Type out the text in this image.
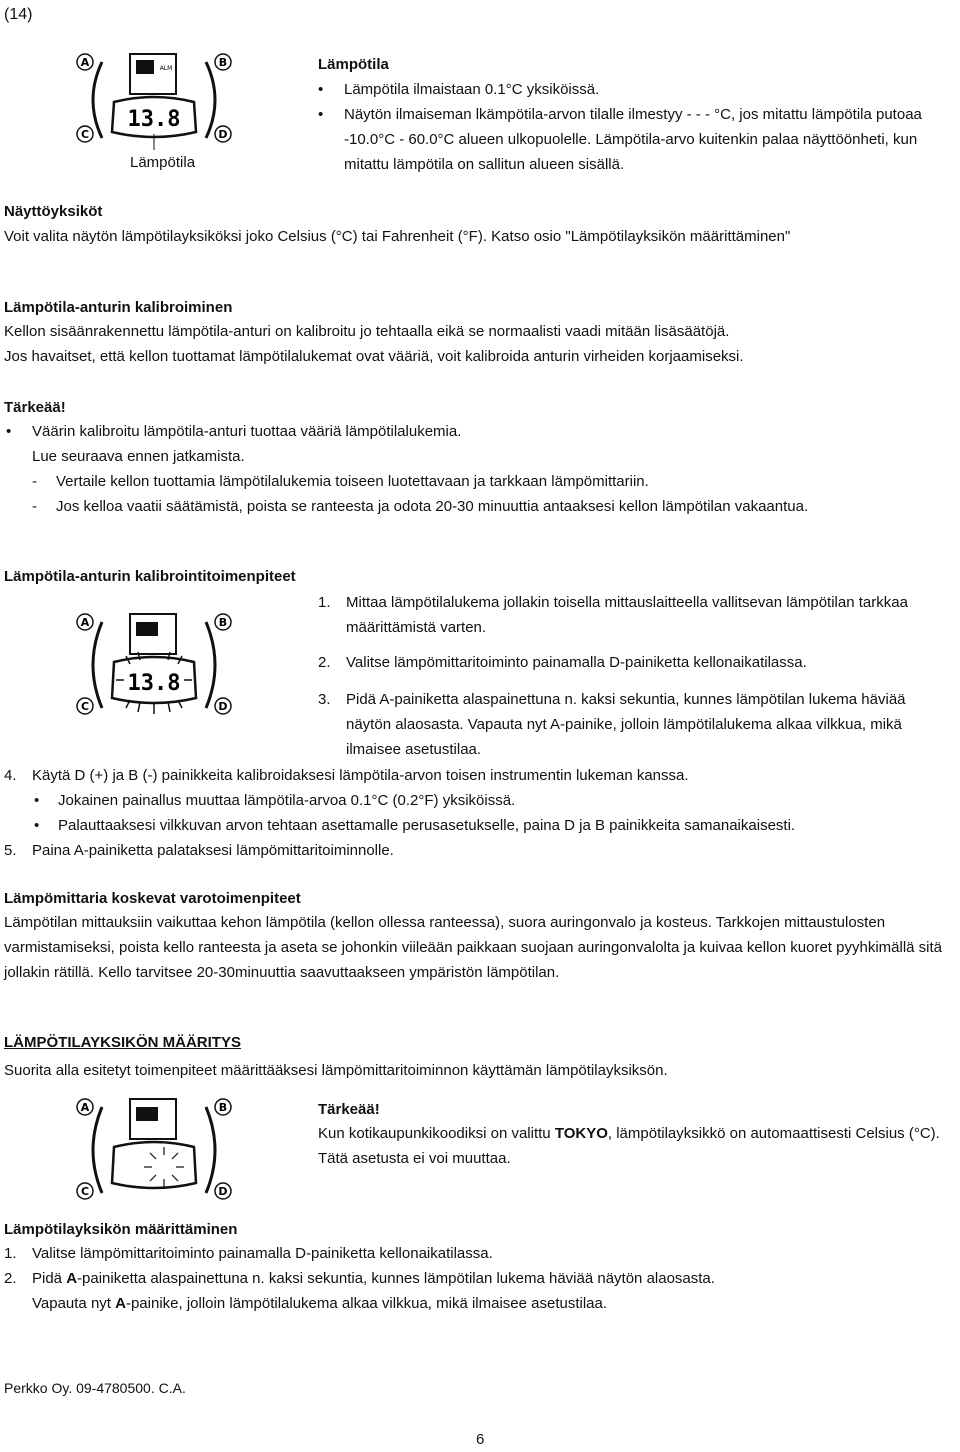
(14)
A	B
C	D
ALM
13.8
Lämpötila
Lämpötila
• Lämpötila ilmaistaan 0.1°C yksiköissä.
• Näytön ilmaiseman lkämpötila-arvon tilalle ilmestyy - - - °C, jos mitattu lämpötila putoaa -10.0°C - 60.0°C alueen ulkopuolelle. Lämpötila-arvo kuitenkin palaa näyttöönheti, kun mitattu lämpötila on sallitun alueen sisällä.
Näyttöyksiköt
Voit valita näytön lämpötilayksiköksi joko Celsius (°C) tai Fahrenheit (°F). Katso osio "Lämpötilayksikön määrittäminen"
Lämpötila-anturin kalibroiminen
Kellon sisäänrakennettu lämpötila-anturi on kalibroitu jo tehtaalla eikä se normaalisti vaadi mitään lisäsäätöjä.
Jos havaitset, että kellon tuottamat lämpötilalukemat ovat vääriä, voit kalibroida anturin virheiden korjaamiseksi.
Tärkeää!
• Väärin kalibroitu lämpötila-anturi tuottaa vääriä lämpötilalukemia.
Lue seuraava ennen jatkamista.
- Vertaile kellon tuottamia lämpötilalukemia toiseen luotettavaan ja tarkkaan lämpömittariin.
- Jos kelloa vaatii säätämistä, poista se ranteesta ja odota 20-30 minuuttia antaaksesi kellon lämpötilan vakaantua.
Lämpötila-anturin kalibrointitoimenpiteet
A	B
C	D
13.8
1. Mittaa lämpötilalukema jollakin toisella mittauslaitteella vallitsevan lämpötilan tarkkaa määrittämistä varten.
2. Valitse lämpömittaritoiminto painamalla D-painiketta kellonaikatilassa.
3. Pidä A-painiketta alaspainettuna n. kaksi sekuntia, kunnes lämpötilan lukema häviää näytön alaosasta. Vapauta nyt A-painike, jolloin lämpötilalukema alkaa vilkkua, mikä ilmaisee asetustilaa.
4. Käytä D (+) ja B (-) painikkeita kalibroidaksesi lämpötila-arvon toisen instrumentin lukeman kanssa.
• Jokainen painallus muuttaa lämpötila-arvoa 0.1°C (0.2°F) yksiköissä.
• Palauttaaksesi vilkkuvan arvon tehtaan asettamalle perusasetukselle, paina D ja B painikkeita samanaikaisesti.
5. Paina A-painiketta palataksesi lämpömittaritoiminnolle.
Lämpömittaria koskevat varotoimenpiteet
Lämpötilan mittauksiin vaikuttaa kehon lämpötila (kellon ollessa ranteessa), suora auringonvalo ja kosteus. Tarkkojen mittaustulosten varmistamiseksi, poista kello ranteesta ja aseta se johonkin viileään paikkaan suojaan auringonvalolta ja kuivaa kellon kuoret pyyhkimällä sitä jollakin rätillä. Kello tarvitsee 20-30minuuttia saavuttaakseen ympäristön lämpötilan.
LÄMPÖTILAYKSIKÖN MÄÄRITYS
Suorita alla esitetyt toimenpiteet määrittääksesi lämpömittaritoiminnon käyttämän lämpötilayksiksön.
A	B
C	D
Tärkeää!
Kun kotikaupunkikoodiksi on valittu TOKYO, lämpötilayksikkö on automaattisesti Celsius (°C). Tätä asetusta ei voi muuttaa.
Lämpötilayksikön määrittäminen
1. Valitse lämpömittaritoiminto painamalla D-painiketta kellonaikatilassa.
2. Pidä A-painiketta alaspainettuna n. kaksi sekuntia, kunnes lämpötilan lukema häviää näytön alaosasta.
Vapauta nyt A-painike, jolloin lämpötilalukema alkaa vilkkua, mikä ilmaisee asetustilaa.
Perkko Oy. 09-4780500. C.A.
6
